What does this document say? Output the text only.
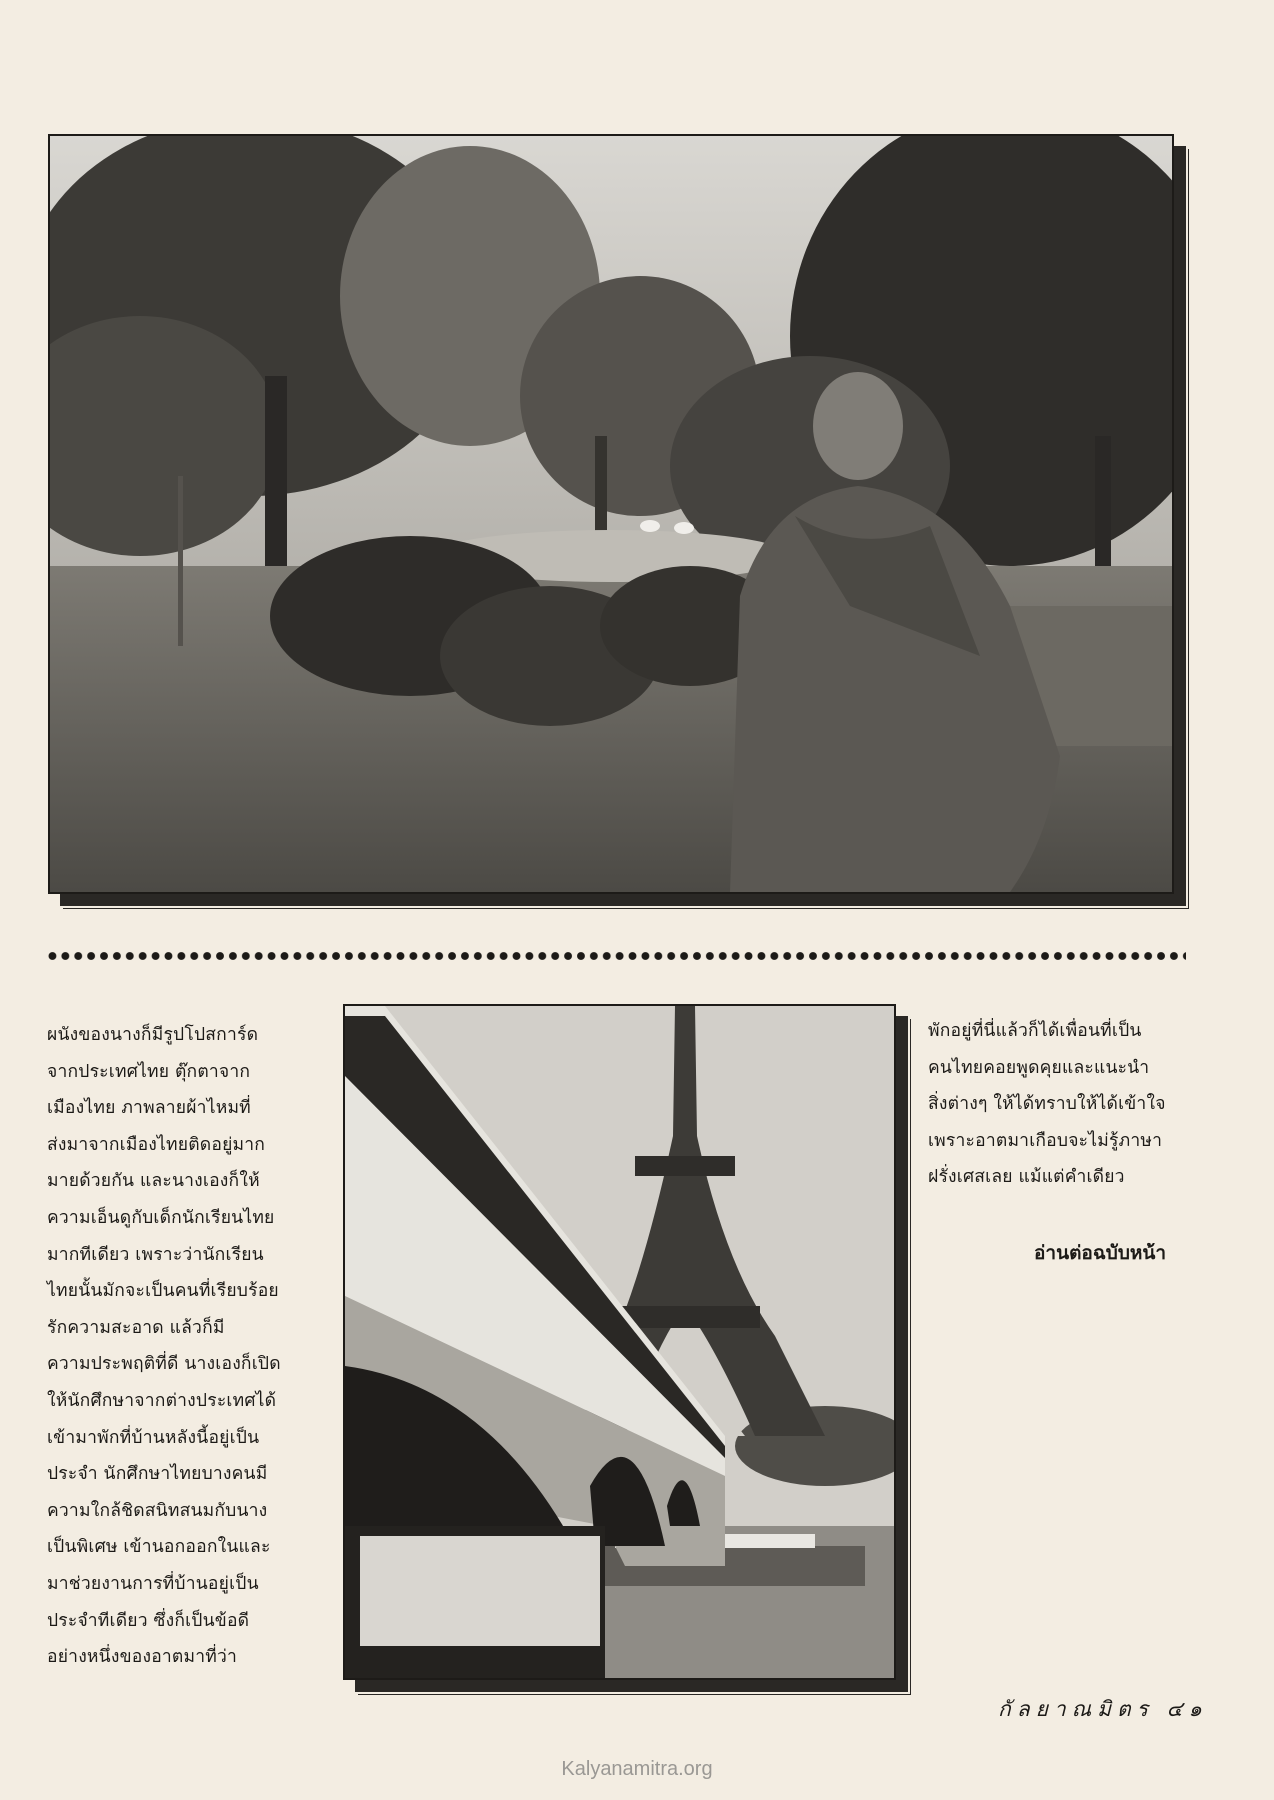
ผนังของนางก็มีรูปโปสการ์ด
จากประเทศไทย ตุ๊กตาจาก
เมืองไทย ภาพลายผ้าไหมที่
ส่งมาจากเมืองไทยติดอยู่มาก
มายด้วยกัน และนางเองก็ให้
ความเอ็นดูกับเด็กนักเรียนไทย
มากทีเดียว เพราะว่านักเรียน
ไทยนั้นมักจะเป็นคนที่เรียบร้อย
รักความสะอาด แล้วก็มี
ความประพฤติที่ดี นางเองก็เปิด
ให้นักศึกษาจากต่างประเทศได้
เข้ามาพักที่บ้านหลังนี้อยู่เป็น
ประจำ นักศึกษาไทยบางคนมี
ความใกล้ชิดสนิทสนมกับนาง
เป็นพิเศษ เข้านอกออกในและ
มาช่วยงานการที่บ้านอยู่เป็น
ประจำทีเดียว ซึ่งก็เป็นข้อดี
อย่างหนึ่งของอาตมาที่ว่า
พักอยู่ที่นี่แล้วก็ได้เพื่อนที่เป็น
คนไทยคอยพูดคุยและแนะนำ
สิ่งต่างๆ ให้ได้ทราบให้ได้เข้าใจ
เพราะอาตมาเกือบจะไม่รู้ภาษา
ฝรั่งเศสเลย แม้แต่คำเดียว
อ่านต่อฉบับหน้า
กัลยาณมิตร ๔๑
Kalyanamitra.org
